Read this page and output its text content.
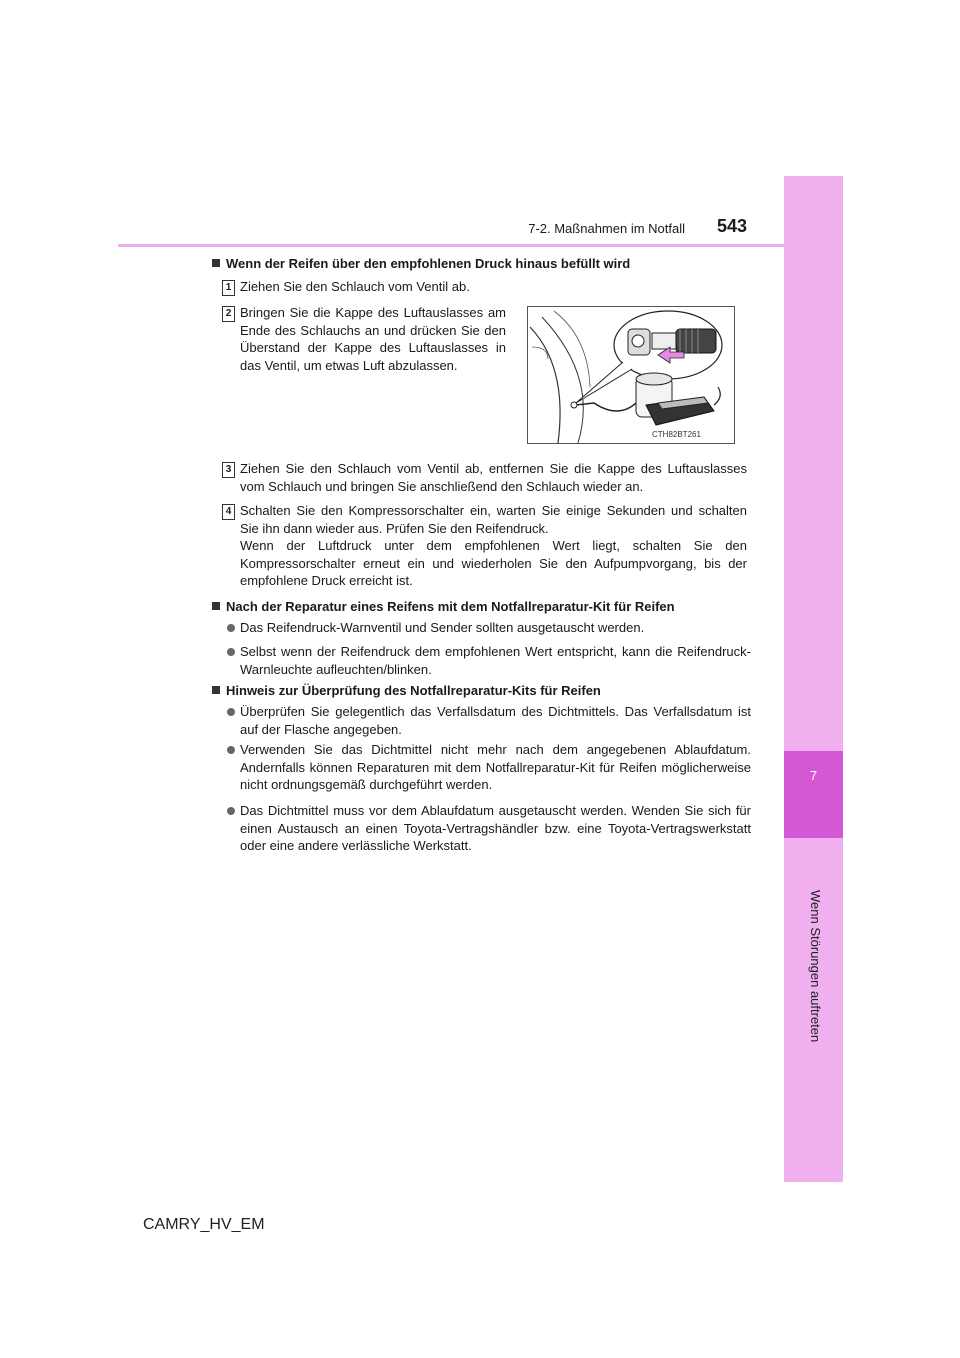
7
Wenn Störungen auftreten
7-2. Maßnahmen im Notfall 543
Wenn der Reifen über den empfohlenen Druck hinaus befüllt wird
1 Ziehen Sie den Schlauch vom Ventil ab.
2 Bringen Sie die Kappe des Luftauslasses am Ende des Schlauchs an und drücken Sie den Überstand der Kappe des Luftauslasses in das Ventil, um etwas Luft abzulassen.
CTH82BT261
3 Ziehen Sie den Schlauch vom Ventil ab, entfernen Sie die Kappe des Luftauslasses vom Schlauch und bringen Sie anschließend den Schlauch wieder an.
4 Schalten Sie den Kompressorschalter ein, warten Sie einige Sekunden und schalten Sie ihn dann wieder aus. Prüfen Sie den Reifendruck.
Wenn der Luftdruck unter dem empfohlenen Wert liegt, schalten Sie den Kompressorschalter erneut ein und wiederholen Sie den Aufpumpvorgang, bis der empfohlene Druck erreicht ist.
Nach der Reparatur eines Reifens mit dem Notfallreparatur-Kit für Reifen
Das Reifendruck-Warnventil und Sender sollten ausgetauscht werden.
Selbst wenn der Reifendruck dem empfohlenen Wert entspricht, kann die Reifendruck-Warnleuchte aufleuchten/blinken.
Hinweis zur Überprüfung des Notfallreparatur-Kits für Reifen
Überprüfen Sie gelegentlich das Verfallsdatum des Dichtmittels. Das Verfallsdatum ist auf der Flasche angegeben.
Verwenden Sie das Dichtmittel nicht mehr nach dem angegebenen Ablaufdatum. Andernfalls können Reparaturen mit dem Notfallreparatur-Kit für Reifen möglicherweise nicht ordnungsgemäß durchgeführt werden.
Das Dichtmittel muss vor dem Ablaufdatum ausgetauscht werden. Wenden Sie sich für einen Austausch an einen Toyota-Vertragshändler bzw. eine Toyota-Vertragswerkstatt oder eine andere verlässliche Werkstatt.
CAMRY_HV_EM
